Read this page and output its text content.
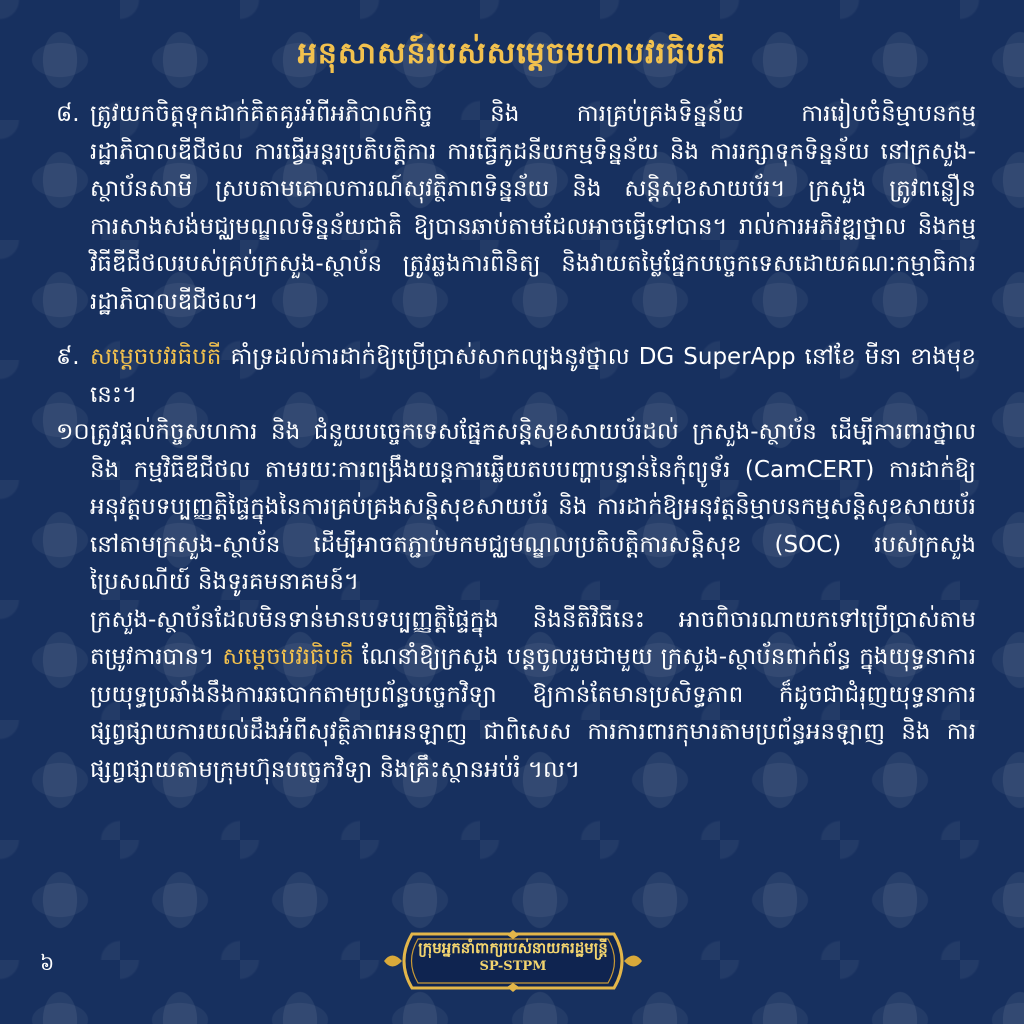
អនុសាសន៍របស់សម្តេចមហាបវរធិបតី
៨. ត្រូវយកចិត្តទុកដាក់គិតគូរអំពីអភិបាលកិច្ច និង ការគ្រប់គ្រងទិន្នន័យ ការរៀបចំនិម្មាបនកម្ម រដ្ឋាភិបាលឌីជីថល ការធ្វើអន្តរប្រតិបត្តិការ ការធ្វើកូដនីយកម្មទិន្នន័យ និង ការរក្សាទុកទិន្នន័យ នៅក្រសួង-ស្ថាប័នសាមី ស្របតាមគោលការណ៍សុវត្ថិភាពទិន្នន័យ និង សន្តិសុខសាយប័រ។ ក្រសួង ត្រូវពន្លឿនការសាងសង់មជ្ឈមណ្ឌលទិន្នន័យជាតិ ឱ្យបានឆាប់តាមដែលអាចធ្វើទៅបាន។ រាល់ការអភិវឌ្ឍថ្នាល និងកម្មវិធីឌីជីថលរបស់គ្រប់ក្រសួង-ស្ថាប័ន ត្រូវឆ្លងការពិនិត្យ និងវាយតម្លៃផ្នែកបច្ចេកទេសដោយគណៈកម្មាធិការរដ្ឋាភិបាលឌីជីថល។
៩. សម្តេចបវរធិបតី គាំទ្រដល់ការដាក់ឱ្យប្រើប្រាស់សាកល្បងនូវថ្នាល DG SuperApp នៅខែ មីនា ខាងមុខនេះ។
១០.
ត្រូវផ្តល់កិច្ចសហការ និង ជំនួយបច្ចេកទេសផ្នែកសន្តិសុខសាយប័រដល់ ក្រសួង-ស្ថាប័ន ដើម្បីការពារថ្នាល និង កម្មវិធីឌីជីថល តាមរយៈការពង្រឹងយន្តការឆ្លើយតបបញ្ហាបន្ទាន់នៃកុំព្យូទ័រ (CamCERT) ការដាក់ឱ្យអនុវត្តបទប្បញ្ញត្តិផ្ទៃក្នុងនៃការគ្រប់គ្រងសន្តិសុខសាយប័រ និង ការដាក់ឱ្យអនុវត្តនិម្មាបនកម្មសន្តិសុខសាយប័រ នៅតាមក្រសួង-ស្ថាប័ន ដើម្បីអាចតភ្ជាប់មកមជ្ឈមណ្ឌលប្រតិបត្តិការសន្តិសុខ (SOC) របស់ក្រសួងប្រៃសណីយ៍ និងទូរគមនាគមន៍។
ក្រសួង-ស្ថាប័នដែលមិនទាន់មានបទប្បញ្ញត្តិផ្ទៃក្នុង និងនីតិវិធីនេះ អាចពិចារណាយកទៅប្រើប្រាស់តាមតម្រូវការបាន។ សម្តេចបវរធិបតី ណែនាំឱ្យក្រសួង បន្តចូលរួមជាមួយ ក្រសួង-ស្ថាប័នពាក់ព័ន្ធ ក្នុងយុទ្ធនាការប្រយុទ្ធប្រឆាំងនឹងការឆបោកតាមប្រព័ន្ធបច្ចេកវិទ្យា ឱ្យកាន់តែមានប្រសិទ្ធភាព ក៏ដូចជាជំរុញយុទ្ធនាការផ្សព្វផ្សាយការយល់ដឹងអំពីសុវត្ថិភាពអនឡាញ ជាពិសេស ការការពារកុមារតាមប្រព័ន្ធអនឡាញ និង ការផ្សព្វផ្សាយតាមក្រុមហ៊ុនបច្ចេកវិទ្យា និងគ្រឹះស្ថានអប់រំ ។ល។
៦
ក្រុមអ្នកនាំពាក្យរបស់នាយករដ្ឋមន្ត្រី
SP-STPM
